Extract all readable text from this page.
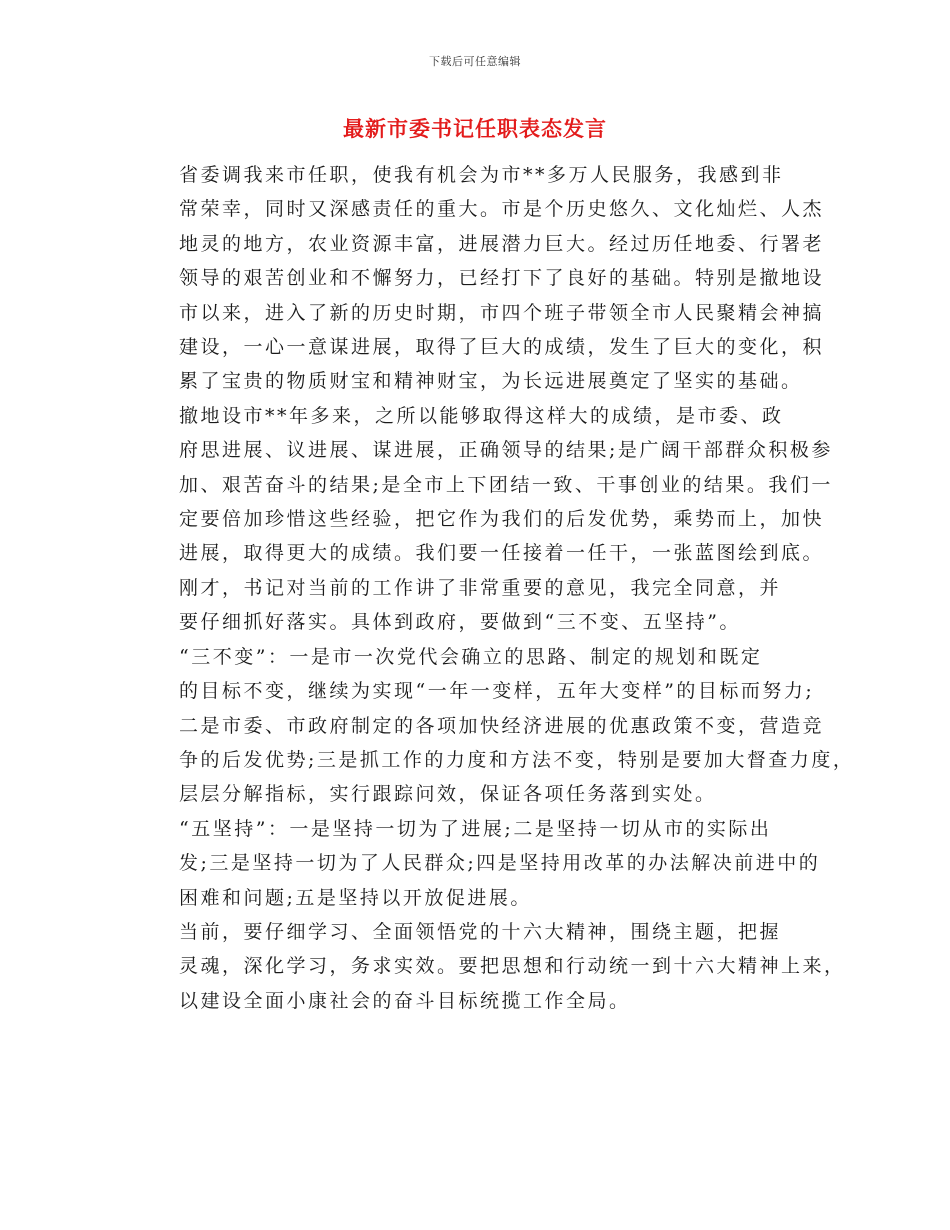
下载后可任意编辑
最新市委书记任职表态发言

省委调我来市任职，使我有机会为市**多万人民服务，我感到非
常荣幸，同时又深感责任的重大。市是个历史悠久、文化灿烂、人杰
地灵的地方，农业资源丰富，进展潜力巨大。经过历任地委、行署老
领导的艰苦创业和不懈努力，已经打下了良好的基础。特别是撤地设
市以来，进入了新的历史时期，市四个班子带领全市人民聚精会神搞
建设，一心一意谋进展，取得了巨大的成绩，发生了巨大的变化，积
累了宝贵的物质财宝和精神财宝，为长远进展奠定了坚实的基础。

撤地设市**年多来，之所以能够取得这样大的成绩，是市委、政
府思进展、议进展、谋进展，正确领导的结果;是广阔干部群众积极参
加、艰苦奋斗的结果;是全市上下团结一致、干事创业的结果。我们一
定要倍加珍惜这些经验，把它作为我们的后发优势，乘势而上，加快
进展，取得更大的成绩。我们要一任接着一任干，一张蓝图绘到底。

刚才，书记对当前的工作讲了非常重要的意见，我完全同意，并
要仔细抓好落实。具体到政府，要做到“三不变、五坚持”。

“三不变”：一是市一次党代会确立的思路、制定的规划和既定
的目标不变，继续为实现“一年一变样，五年大变样”的目标而努力;
二是市委、市政府制定的各项加快经济进展的优惠政策不变，营造竞
争的后发优势;三是抓工作的力度和方法不变，特别是要加大督查力度，
层层分解指标，实行跟踪问效，保证各项任务落到实处。

“五坚持”：一是坚持一切为了进展;二是坚持一切从市的实际出
发;三是坚持一切为了人民群众;四是坚持用改革的办法解决前进中的
困难和问题;五是坚持以开放促进展。

当前，要仔细学习、全面领悟党的十六大精神，围绕主题，把握
灵魂，深化学习，务求实效。要把思想和行动统一到十六大精神上来，
以建设全面小康社会的奋斗目标统揽工作全局。
